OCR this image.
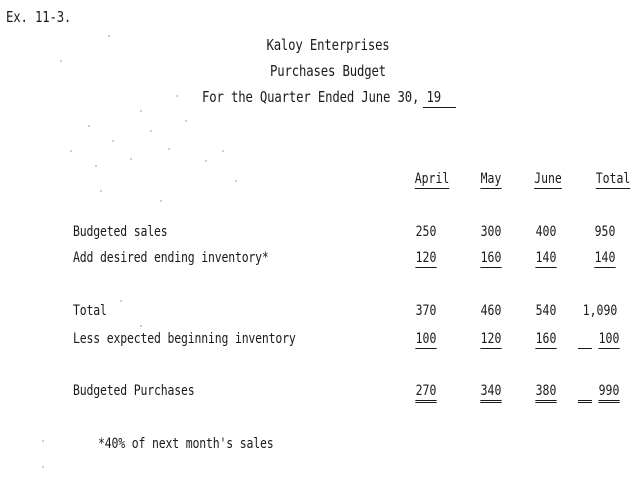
Ex. 11-3.
Kaloy Enterprises
Purchases Budget
For the Quarter Ended June 30, 19
April	May	June	Total
Budgeted sales	250	300	400	950
Add desired ending inventory*	120	160	140	140
Total	370	460	540	1,090
Less expected beginning inventory	100	120	160	100
Budgeted Purchases	270	340	380	990
*40% of next month's sales
